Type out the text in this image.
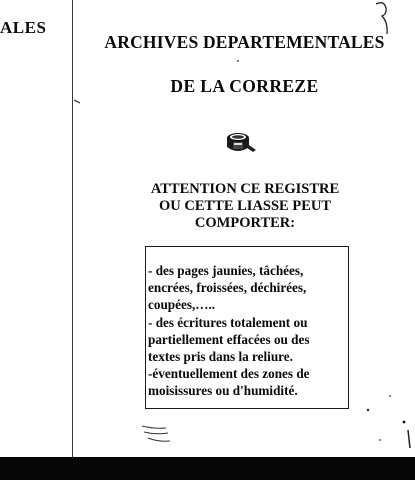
ALES
ARCHIVES DEPARTEMENTALES
DE LA CORREZE
ATTENTION CE REGISTRE
OU CETTE LIASSE PEUT
COMPORTER:
- des pages jaunies, tâchées,
encrées, froissées, déchirées,
coupées,…..
- des écritures totalement ou
partiellement effacées ou des
textes pris dans la reliure.
-éventuellement des zones de
moisissures ou d'humidité.
